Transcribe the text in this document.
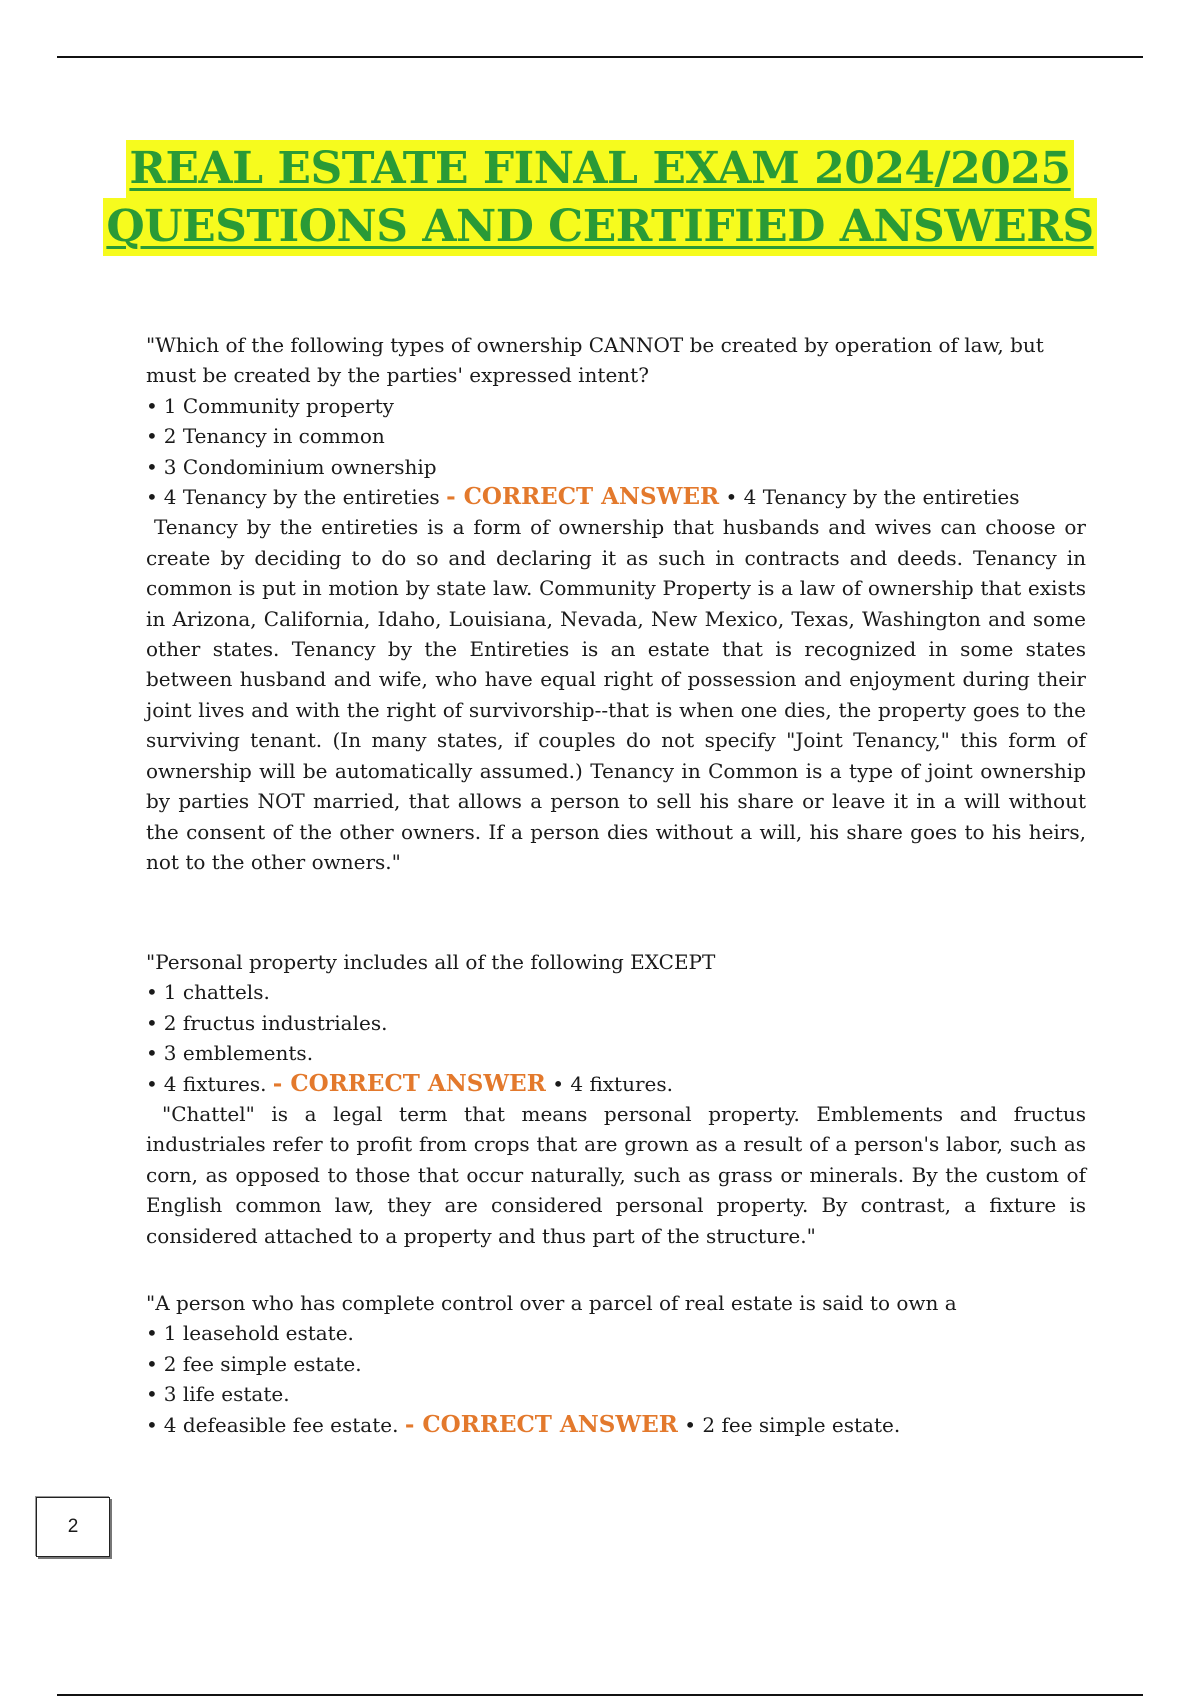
REAL ESTATE FINAL EXAM 2024/2025
QUESTIONS AND CERTIFIED ANSWERS

"Which of the following types of ownership CANNOT be created by operation of law, but must be created by the parties' expressed intent?

• 1 Community property

• 2 Tenancy in common

• 3 Condominium ownership

• 4 Tenancy by the entireties - CORRECT ANSWER • 4 Tenancy by the entireties

Tenancy by the entireties is a form of ownership that husbands and wives can choose or create by deciding to do so and declaring it as such in contracts and deeds. Tenancy in common is put in motion by state law. Community Property is a law of ownership that exists in Arizona, California, Idaho, Louisiana, Nevada, New Mexico, Texas, Washington and some other states. Tenancy by the Entireties is an estate that is recognized in some states between husband and wife, who have equal right of possession and enjoyment during their joint lives and with the right of survivorship--that is when one dies, the property goes to the surviving tenant. (In many states, if couples do not specify "Joint Tenancy," this form of ownership will be automatically assumed.) Tenancy in Common is a type of joint ownership by parties NOT married, that allows a person to sell his share or leave it in a will without the consent of the other owners. If a person dies without a will, his share goes to his heirs, not to the other owners."

"Personal property includes all of the following EXCEPT

• 1 chattels.

• 2 fructus industriales.

• 3 emblements.

• 4 fixtures. - CORRECT ANSWER • 4 fixtures.

"Chattel" is a legal term that means personal property. Emblements and fructus industriales refer to profit from crops that are grown as a result of a person's labor, such as corn, as opposed to those that occur naturally, such as grass or minerals. By the custom of English common law, they are considered personal property. By contrast, a fixture is considered attached to a property and thus part of the structure."

"A person who has complete control over a parcel of real estate is said to own a

• 1 leasehold estate.

• 2 fee simple estate.

• 3 life estate.

• 4 defeasible fee estate. - CORRECT ANSWER • 2 fee simple estate.

2
